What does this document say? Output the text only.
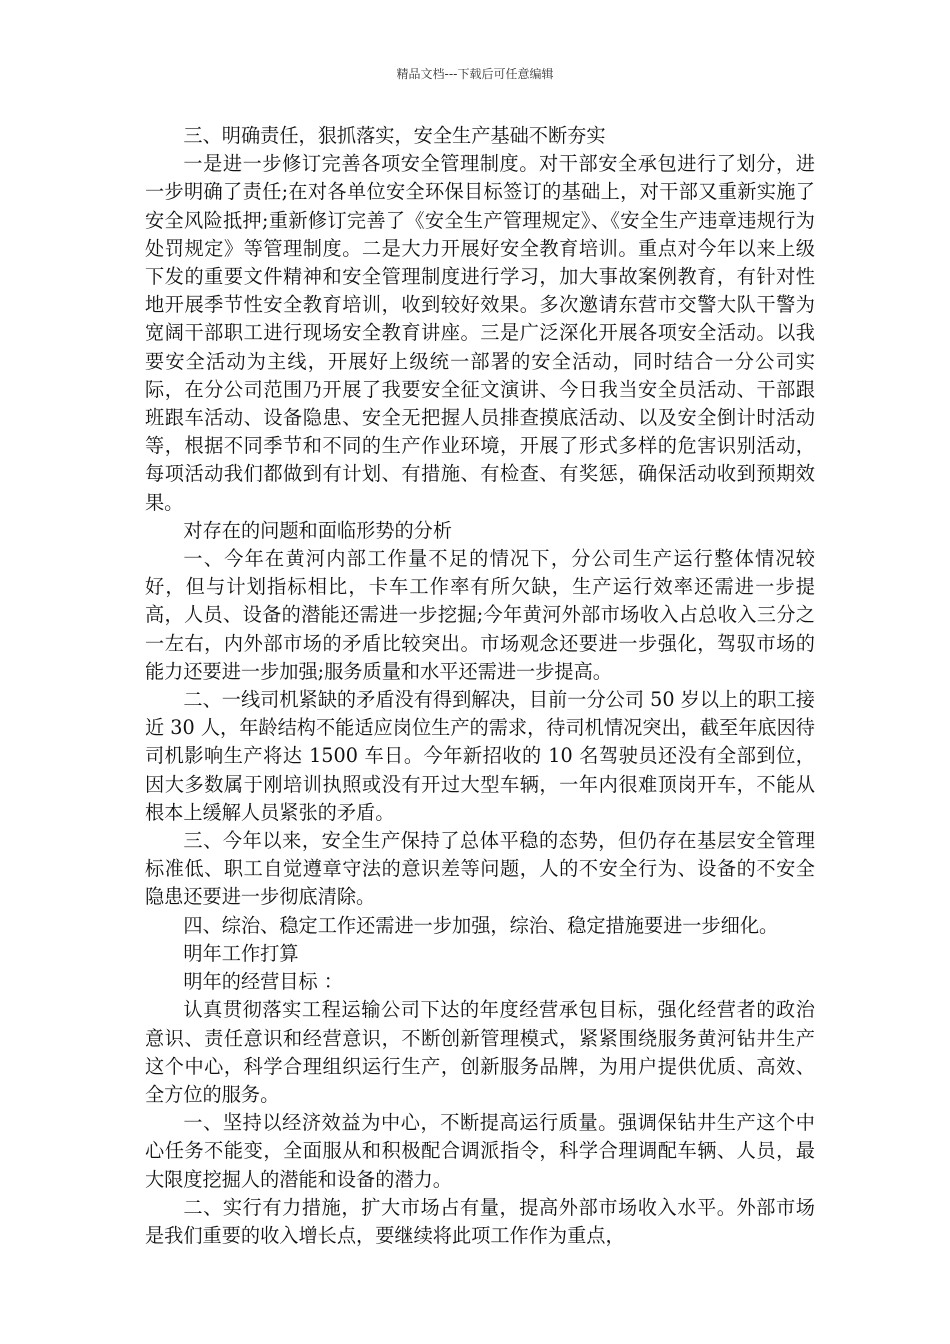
精品文档---下载后可任意编辑

三、明确责任，狠抓落实，安全生产基础不断夯实

一是进一步修订完善各项安全管理制度。对干部安全承包进行了划分，进一步明确了责任;在对各单位安全环保目标签订的基础上，对干部又重新实施了安全风险抵押;重新修订完善了《安全生产管理规定》、《安全生产违章违规行为处罚规定》等管理制度。二是大力开展好安全教育培训。重点对今年以来上级下发的重要文件精神和安全管理制度进行学习，加大事故案例教育，有针对性地开展季节性安全教育培训，收到较好效果。多次邀请东营市交警大队干警为宽阔干部职工进行现场安全教育讲座。三是广泛深化开展各项安全活动。以我要安全活动为主线，开展好上级统一部署的安全活动，同时结合一分公司实际，在分公司范围乃开展了我要安全征文演讲、今日我当安全员活动、干部跟班跟车活动、设备隐患、安全无把握人员排查摸底活动、以及安全倒计时活动等，根据不同季节和不同的生产作业环境，开展了形式多样的危害识别活动，每项活动我们都做到有计划、有措施、有检查、有奖惩，确保活动收到预期效果。

对存在的问题和面临形势的分析

一、今年在黄河内部工作量不足的情况下，分公司生产运行整体情况较好，但与计划指标相比，卡车工作率有所欠缺，生产运行效率还需进一步提高，人员、设备的潜能还需进一步挖掘;今年黄河外部市场收入占总收入三分之一左右，内外部市场的矛盾比较突出。市场观念还要进一步强化，驾驭市场的能力还要进一步加强;服务质量和水平还需进一步提高。

二、一线司机紧缺的矛盾没有得到解决，目前一分公司 50 岁以上的职工接近 30 人，年龄结构不能适应岗位生产的需求，待司机情况突出，截至年底因待司机影响生产将达 1500 车日。今年新招收的 10 名驾驶员还没有全部到位，因大多数属于刚培训执照或没有开过大型车辆，一年内很难顶岗开车，不能从根本上缓解人员紧张的矛盾。

三、今年以来，安全生产保持了总体平稳的态势，但仍存在基层安全管理标准低、职工自觉遵章守法的意识差等问题，人的不安全行为、设备的不安全隐患还要进一步彻底清除。

四、综治、稳定工作还需进一步加强，综治、稳定措施要进一步细化。

明年工作打算

明年的经营目标 ：

认真贯彻落实工程运输公司下达的年度经营承包目标，强化经营者的政治意识、责任意识和经营意识，不断创新管理模式，紧紧围绕服务黄河钻井生产这个中心，科学合理组织运行生产，创新服务品牌，为用户提供优质、高效、全方位的服务。

一、坚持以经济效益为中心，不断提高运行质量。强调保钻井生产这个中心任务不能变，全面服从和积极配合调派指令，科学合理调配车辆、人员，最大限度挖掘人的潜能和设备的潜力。

二、实行有力措施，扩大市场占有量，提高外部市场收入水平。外部市场是我们重要的收入增长点，要继续将此项工作作为重点，
